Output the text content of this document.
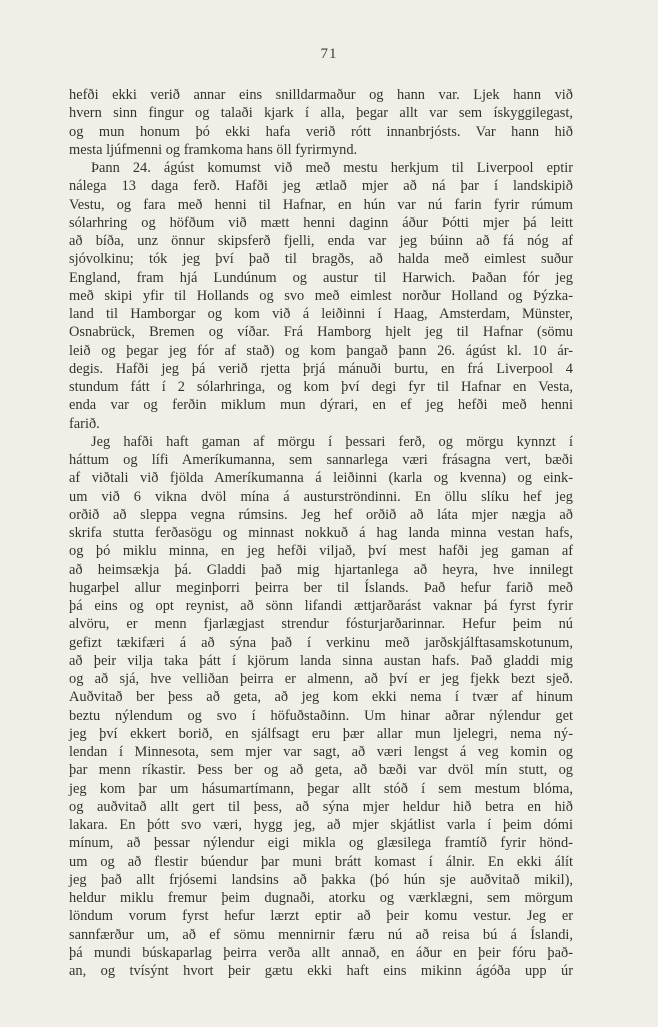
71
hefði ekki verið annar eins snilldarmaður og hann var. Ljek hann við
hvern sinn fingur og talaði kjark í alla, þegar allt var sem ískyggilegast,
og mun honum þó ekki hafa verið rótt innanbrjósts. Var hann hið
mesta ljúfmenni og framkoma hans öll fyrirmynd.
Þann 24. ágúst komumst við með mestu herkjum til Liverpool eptir
nálega 13 daga ferð. Hafði jeg ætlað mjer að ná þar í landskipið
Vestu, og fara með henni til Hafnar, en hún var nú farin fyrir rúmum
sólarhring og höfðum við mætt henni daginn áður Þótti mjer þá leitt
að bíða, unz önnur skipsferð fjelli, enda var jeg búinn að fá nóg af
sjóvolkinu; tók jeg því það til bragðs, að halda með eimlest suður
England, fram hjá Lundúnum og austur til Harwich. Þaðan fór jeg
með skipi yfir til Hollands og svo með eimlest norður Holland og Þýzka-
land til Hamborgar og kom við á leiðinni í Haag, Amsterdam, Münster,
Osnabrück, Bremen og víðar. Frá Hamborg hjelt jeg til Hafnar (sömu
leið og þegar jeg fór af stað) og kom þangað þann 26. ágúst kl. 10 ár-
degis. Hafði jeg þá verið rjetta þrjá mánuði burtu, en frá Liverpool 4
stundum fátt í 2 sólarhringa, og kom því degi fyr til Hafnar en Vesta,
enda var og ferðin miklum mun dýrari, en ef jeg hefði með henni
farið.
Jeg hafði haft gaman af mörgu í þessari ferð, og mörgu kynnzt í
háttum og lífi Ameríkumanna, sem sannarlega væri frásagna vert, bæði
af viðtali við fjölda Ameríkumanna á leiðinni (karla og kvenna) og eink-
um við 6 vikna dvöl mína á austurströndinni. En öllu slíku hef jeg
orðið að sleppa vegna rúmsins. Jeg hef orðið að láta mjer nægja að
skrifa stutta ferðasögu og minnast nokkuð á hag landa minna vestan hafs,
og þó miklu minna, en jeg hefði viljað, því mest hafði jeg gaman af
að heimsækja þá. Gladdi það mig hjartanlega að heyra, hve innilegt
hugarþel allur meginþorri þeirra ber til Íslands. Það hefur farið með
þá eins og opt reynist, að sönn lifandi ættjarðarást vaknar þá fyrst fyrir
alvöru, er menn fjarlægjast strendur fósturjarðarinnar. Hefur þeim nú
gefizt tækifæri á að sýna það í verkinu með jarðskjálftasamskotunum,
að þeir vilja taka þátt í kjörum landa sinna austan hafs. Það gladdi mig
og að sjá, hve velliðan þeirra er almenn, að því er jeg fjekk bezt sjeð.
Auðvitað ber þess að geta, að jeg kom ekki nema í tvær af hinum
beztu nýlendum og svo í höfuðstaðinn. Um hinar aðrar nýlendur get
jeg því ekkert borið, en sjálfsagt eru þær allar mun ljelegri, nema ný-
lendan í Minnesota, sem mjer var sagt, að væri lengst á veg komin og
þar menn ríkastir. Þess ber og að geta, að bæði var dvöl mín stutt, og
jeg kom þar um hásumartímann, þegar allt stóð í sem mestum blóma,
og auðvitað allt gert til þess, að sýna mjer heldur hið betra en hið
lakara. En þótt svo væri, hygg jeg, að mjer skjátlist varla í þeim dómi
mínum, að þessar nýlendur eigi mikla og glæsilega framtíð fyrir hönd-
um og að flestir búendur þar muni brátt komast í álnir. En ekki álít
jeg það allt frjósemi landsins að þakka (þó hún sje auðvitað mikil),
heldur miklu fremur þeim dugnaði, atorku og værklægni, sem mörgum
löndum vorum fyrst hefur lærzt eptir að þeir komu vestur. Jeg er
sannfærður um, að ef sömu mennirnir færu nú að reisa bú á Íslandi,
þá mundi búskaparlag þeirra verða allt annað, en áður en þeir fóru það-
an, og tvísýnt hvort þeir gætu ekki haft eins mikinn ágóða upp úr
